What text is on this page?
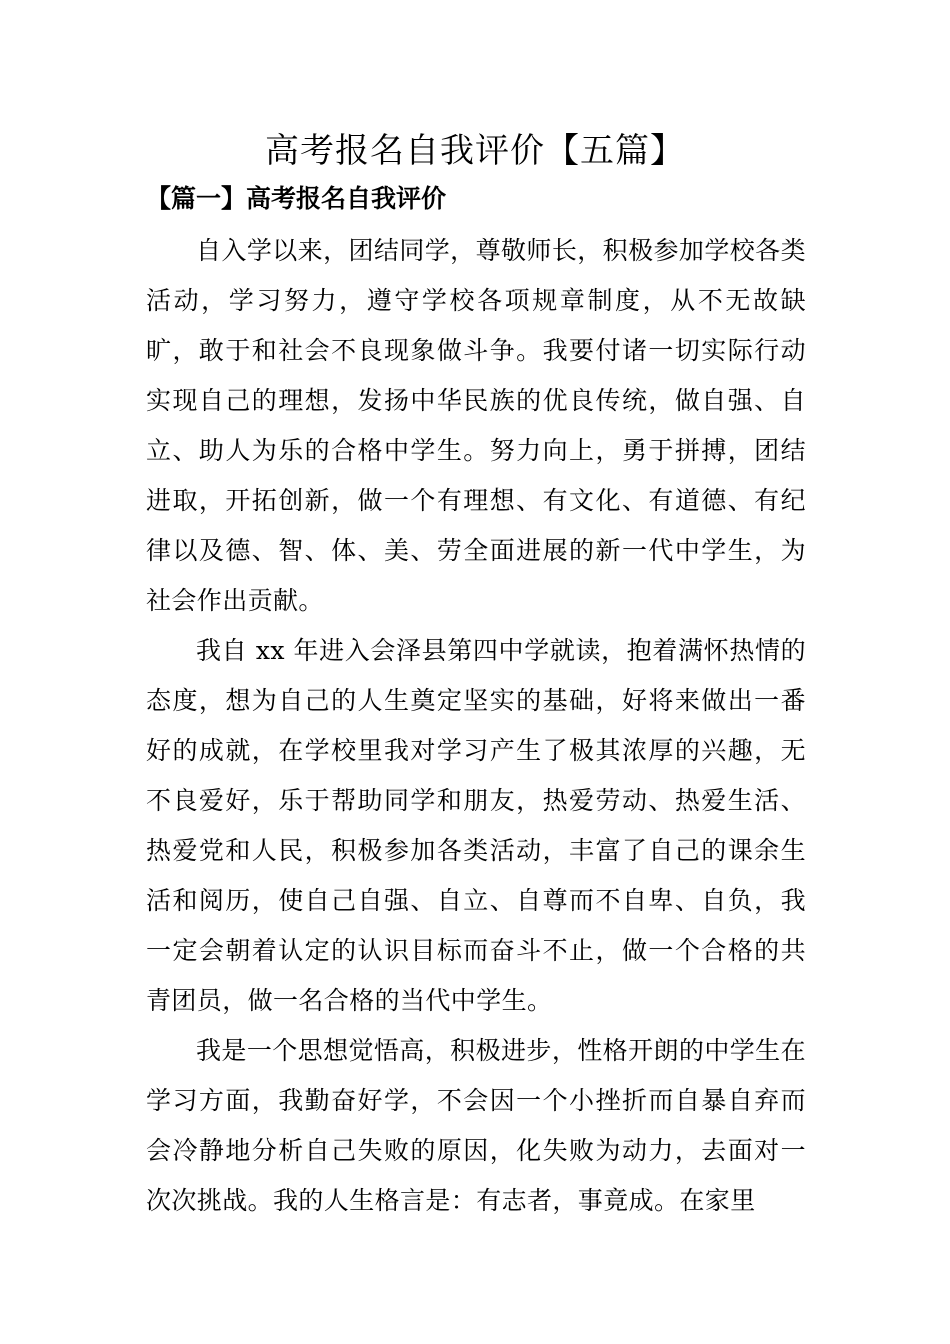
高考报名自我评价【五篇】
【篇一】高考报名自我评价

自入学以来，团结同学，尊敬师长，积极参加学校各类活动，学习努力，遵守学校各项规章制度，从不无故缺旷，敢于和社会不良现象做斗争。我要付诸一切实际行动实现自己的理想，发扬中华民族的优良传统，做自强、自立、助人为乐的合格中学生。努力向上，勇于拼搏，团结进取，开拓创新，做一个有理想、有文化、有道德、有纪律以及德、智、体、美、劳全面进展的新一代中学生，为社会作出贡献。

我自 xx 年进入会泽县第四中学就读，抱着满怀热情的态度，想为自己的人生奠定坚实的基础，好将来做出一番好的成就，在学校里我对学习产生了极其浓厚的兴趣，无不良爱好，乐于帮助同学和朋友，热爱劳动、热爱生活、热爱党和人民，积极参加各类活动，丰富了自己的课余生活和阅历，使自己自强、自立、自尊而不自卑、自负，我一定会朝着认定的认识目标而奋斗不止，做一个合格的共青团员，做一名合格的当代中学生。

我是一个思想觉悟高，积极进步，性格开朗的中学生在学习方面，我勤奋好学，不会因一个小挫折而自暴自弃而会冷静地分析自己失败的原因，化失败为动力，去面对一次次挑战。我的人生格言是：有志者，事竟成。在家里
